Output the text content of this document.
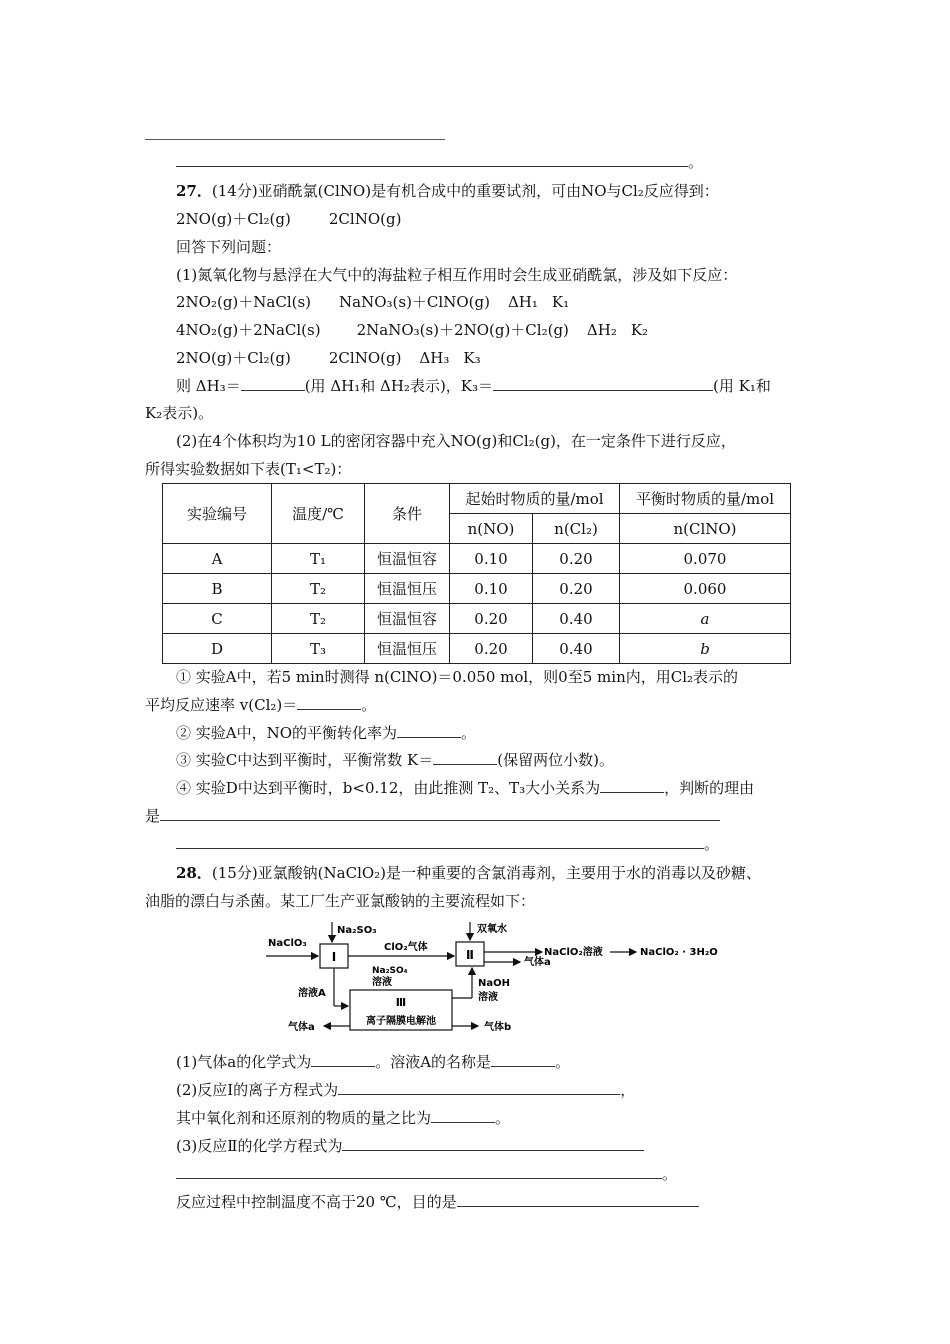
。
27．(14分)亚硝酰氯(ClNO)是有机合成中的重要试剂，可由NO与Cl₂反应得到：
2NO(g)＋Cl₂(g)	2ClNO(g)
回答下列问题：
(1)氮氧化物与悬浮在大气中的海盐粒子相互作用时会生成亚硝酰氯，涉及如下反应：
2NO₂(g)＋NaCl(s) NaNO₃(s)＋ClNO(g) ΔH₁ K₁
4NO₂(g)＋2NaCl(s) 2NaNO₃(s)＋2NO(g)＋Cl₂(g) ΔH₂ K₂
2NO(g)＋Cl₂(g)	2ClNO(g) ΔH₃ K₃
则 ΔH₃＝	(用 ΔH₁和 ΔH₂表示)，K₃＝	(用 K₁和
K₂表示)。
(2)在4个体积均为10 L的密闭容器中充入NO(g)和Cl₂(g)，在一定条件下进行反应，
所得实验数据如下表(T₁<T₂)：
实验编号	温度/℃	条件	起始时物质的量/mol		平衡时物质的量/mol
			n(NO)	n(Cl₂)	n(ClNO)
A	T₁	恒温恒容	0.10	0.20	0.070
B	T₂	恒温恒压	0.10	0.20	0.060
C	T₂	恒温恒容	0.20	0.40	a
D	T₃	恒温恒压	0.20	0.40	b
① 实验A中，若5 min时测得 n(ClNO)＝0.050 mol，则0至5 min内，用Cl₂表示的
平均反应速率 v(Cl₂)＝	。
② 实验A中，NO的平衡转化率为	。
③ 实验C中达到平衡时，平衡常数 K＝	(保留两位小数)。
④ 实验D中达到平衡时，b<0.12，由此推测 T₂、T₃大小关系为	，判断的理由
是
。
28．(15分)亚氯酸钠(NaClO₂)是一种重要的含氯消毒剂，主要用于水的消毒以及砂糖、
油脂的漂白与杀菌。某工厂生产亚氯酸钠的主要流程如下：
NaClO₃
Ⅰ
Na₂SO₃
ClO₂气体
Ⅱ
双氧水
NaClO₂溶液	NaClO₂ · 3H₂O
气体a
溶液A
Na₂SO₄
溶液
Ⅲ
离子隔膜电解池
NaOH
溶液
气体a	气体b
(1)气体a的化学式为	。溶液A的名称是	。
(2)反应Ⅰ的离子方程式为	，
其中氧化剂和还原剂的物质的量之比为	。
(3)反应Ⅱ的化学方程式为
。
反应过程中控制温度不高于20 ℃，目的是
